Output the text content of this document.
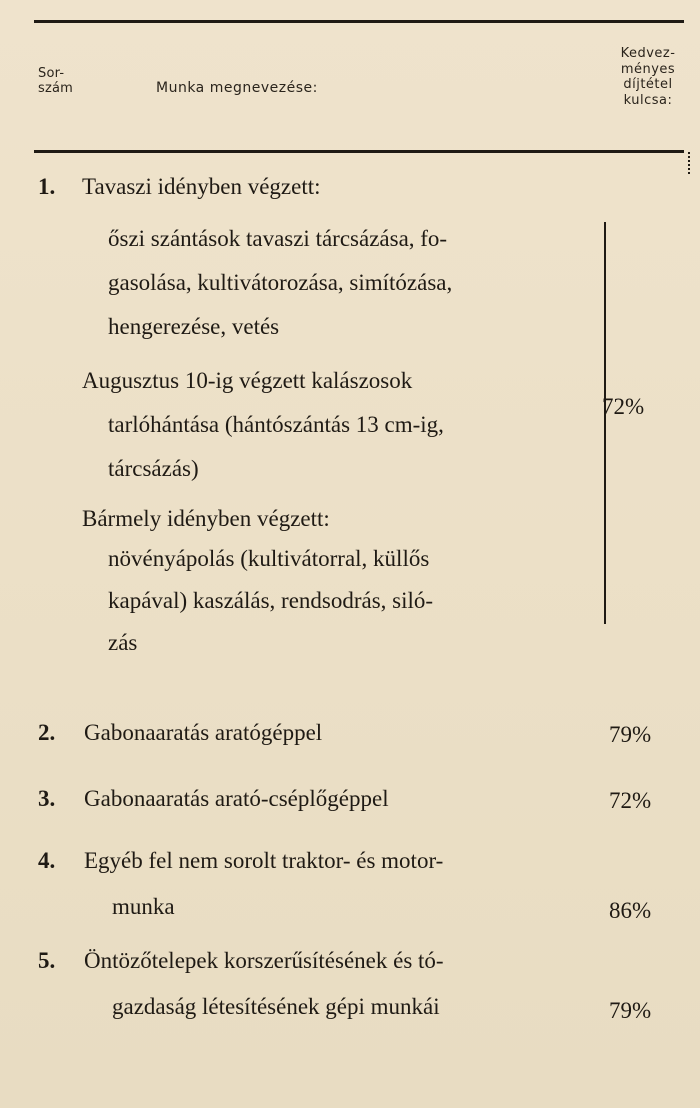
Sor-
szám	Munka megnevezése:
Kedvez-
ményes
díjtétel
kulcsa:
1. Tavaszi idényben végzett:
őszi szántások tavaszi tárcsázása, fo-
gasolása, kultivátorozása, simítózása,
hengerezése, vetés
Augusztus 10-ig végzett kalászosok
tarlóhántása (hántószántás 13 cm-ig,
tárcsázás)
Bármely idényben végzett:
növényápolás (kultivátorral, küllős
kapával) kaszálás, rendsodrás, siló-
zás
72%
2. Gabonaaratás aratógéppel	79%
3. Gabonaaratás arató-cséplőgéppel	72%
4. Egyéb fel nem sorolt traktor- és motor-
munka	86%
5. Öntözőtelepek korszerűsítésének és tó-
gazdaság létesítésének gépi munkái	79%
